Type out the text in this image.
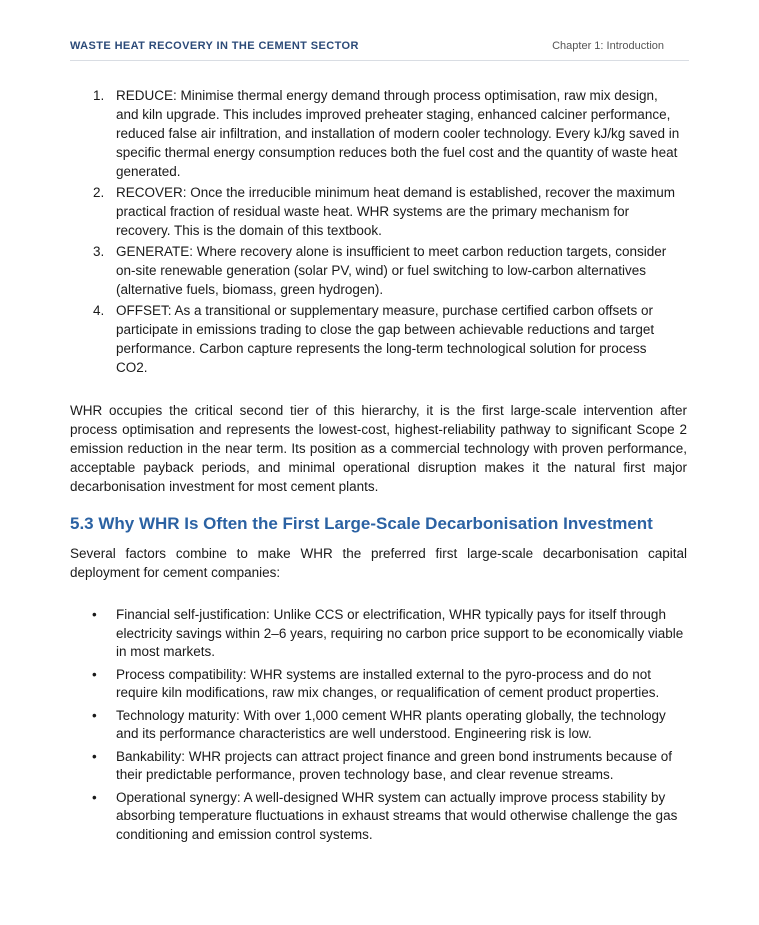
WASTE HEAT RECOVERY IN THE CEMENT SECTOR	Chapter 1: Introduction
1. REDUCE: Minimise thermal energy demand through process optimisation, raw mix design, and kiln upgrade. This includes improved preheater staging, enhanced calciner performance, reduced false air infiltration, and installation of modern cooler technology. Every kJ/kg saved in specific thermal energy consumption reduces both the fuel cost and the quantity of waste heat generated.
2. RECOVER: Once the irreducible minimum heat demand is established, recover the maximum practical fraction of residual waste heat. WHR systems are the primary mechanism for recovery. This is the domain of this textbook.
3. GENERATE: Where recovery alone is insufficient to meet carbon reduction targets, consider on-site renewable generation (solar PV, wind) or fuel switching to low-carbon alternatives (alternative fuels, biomass, green hydrogen).
4. OFFSET: As a transitional or supplementary measure, purchase certified carbon offsets or participate in emissions trading to close the gap between achievable reductions and target performance. Carbon capture represents the long-term technological solution for process CO2.

WHR occupies the critical second tier of this hierarchy, it is the first large-scale intervention after process optimisation and represents the lowest-cost, highest-reliability pathway to significant Scope 2 emission reduction in the near term. Its position as a commercial technology with proven performance, acceptable payback periods, and minimal operational disruption makes it the natural first major decarbonisation investment for most cement plants.

5.3 Why WHR Is Often the First Large-Scale Decarbonisation Investment

Several factors combine to make WHR the preferred first large-scale decarbonisation capital deployment for cement companies:

• Financial self-justification: Unlike CCS or electrification, WHR typically pays for itself through electricity savings within 2–6 years, requiring no carbon price support to be economically viable in most markets.
• Process compatibility: WHR systems are installed external to the pyro-process and do not require kiln modifications, raw mix changes, or requalification of cement product properties.
• Technology maturity: With over 1,000 cement WHR plants operating globally, the technology and its performance characteristics are well understood. Engineering risk is low.
• Bankability: WHR projects can attract project finance and green bond instruments because of their predictable performance, proven technology base, and clear revenue streams.
• Operational synergy: A well-designed WHR system can actually improve process stability by absorbing temperature fluctuations in exhaust streams that would otherwise challenge the gas conditioning and emission control systems.
